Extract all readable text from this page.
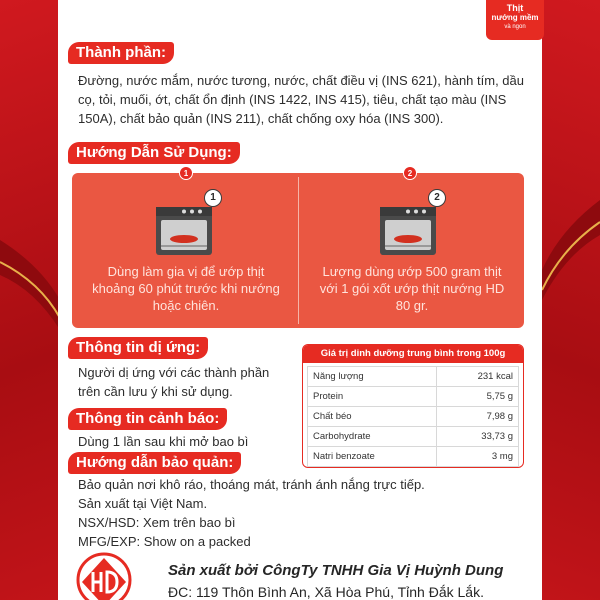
Thịt
nướng mềm
và ngon
Thành phần:
Đường, nước mắm, nước tương, nước, chất điều vị (INS 621), hành tím, dầu
cọ, tỏi, muối, ớt, chất ổn định (INS 1422, INS 415), tiêu, chất tạo màu (INS
150A), chất bảo quản (INS 211), chất chống oxy hóa (INS 300).
Hướng Dẫn Sử Dụng:
1
1
Dùng làm gia vị để ướp thịt
khoảng 60 phút trước khi nướng
hoặc chiên.
2
2
Lượng dùng ướp 500 gram thịt
với 1 gói xốt ướp thịt nướng HD
80 gr.
Thông tin dị ứng:
Người dị ứng với các thành phần
trên cần lưu ý khi sử dụng.
Thông tin cảnh báo:
Dùng 1 lần sau khi mở bao bì
Hướng dẫn bảo quản:
Bảo quản nơi khô ráo, thoáng mát, tránh ánh nắng trực tiếp.
Sản xuất tại Việt Nam.
NSX/HSD: Xem trên bao bì
MFG/EXP: Show on a packed
Giá trị dinh dưỡng trung bình trong 100g
Năng lượng	231 kcal
Protein	5,75 g
Chất béo	7,98 g
Carbohydrate	33,73 g
Natri benzoate	3 mg
Sản xuất bởi CôngTy TNHH Gia Vị Huỳnh Dung
ĐC: 119 Thôn Bình An, Xã Hòa Phú, Tỉnh Đắk Lắk.
